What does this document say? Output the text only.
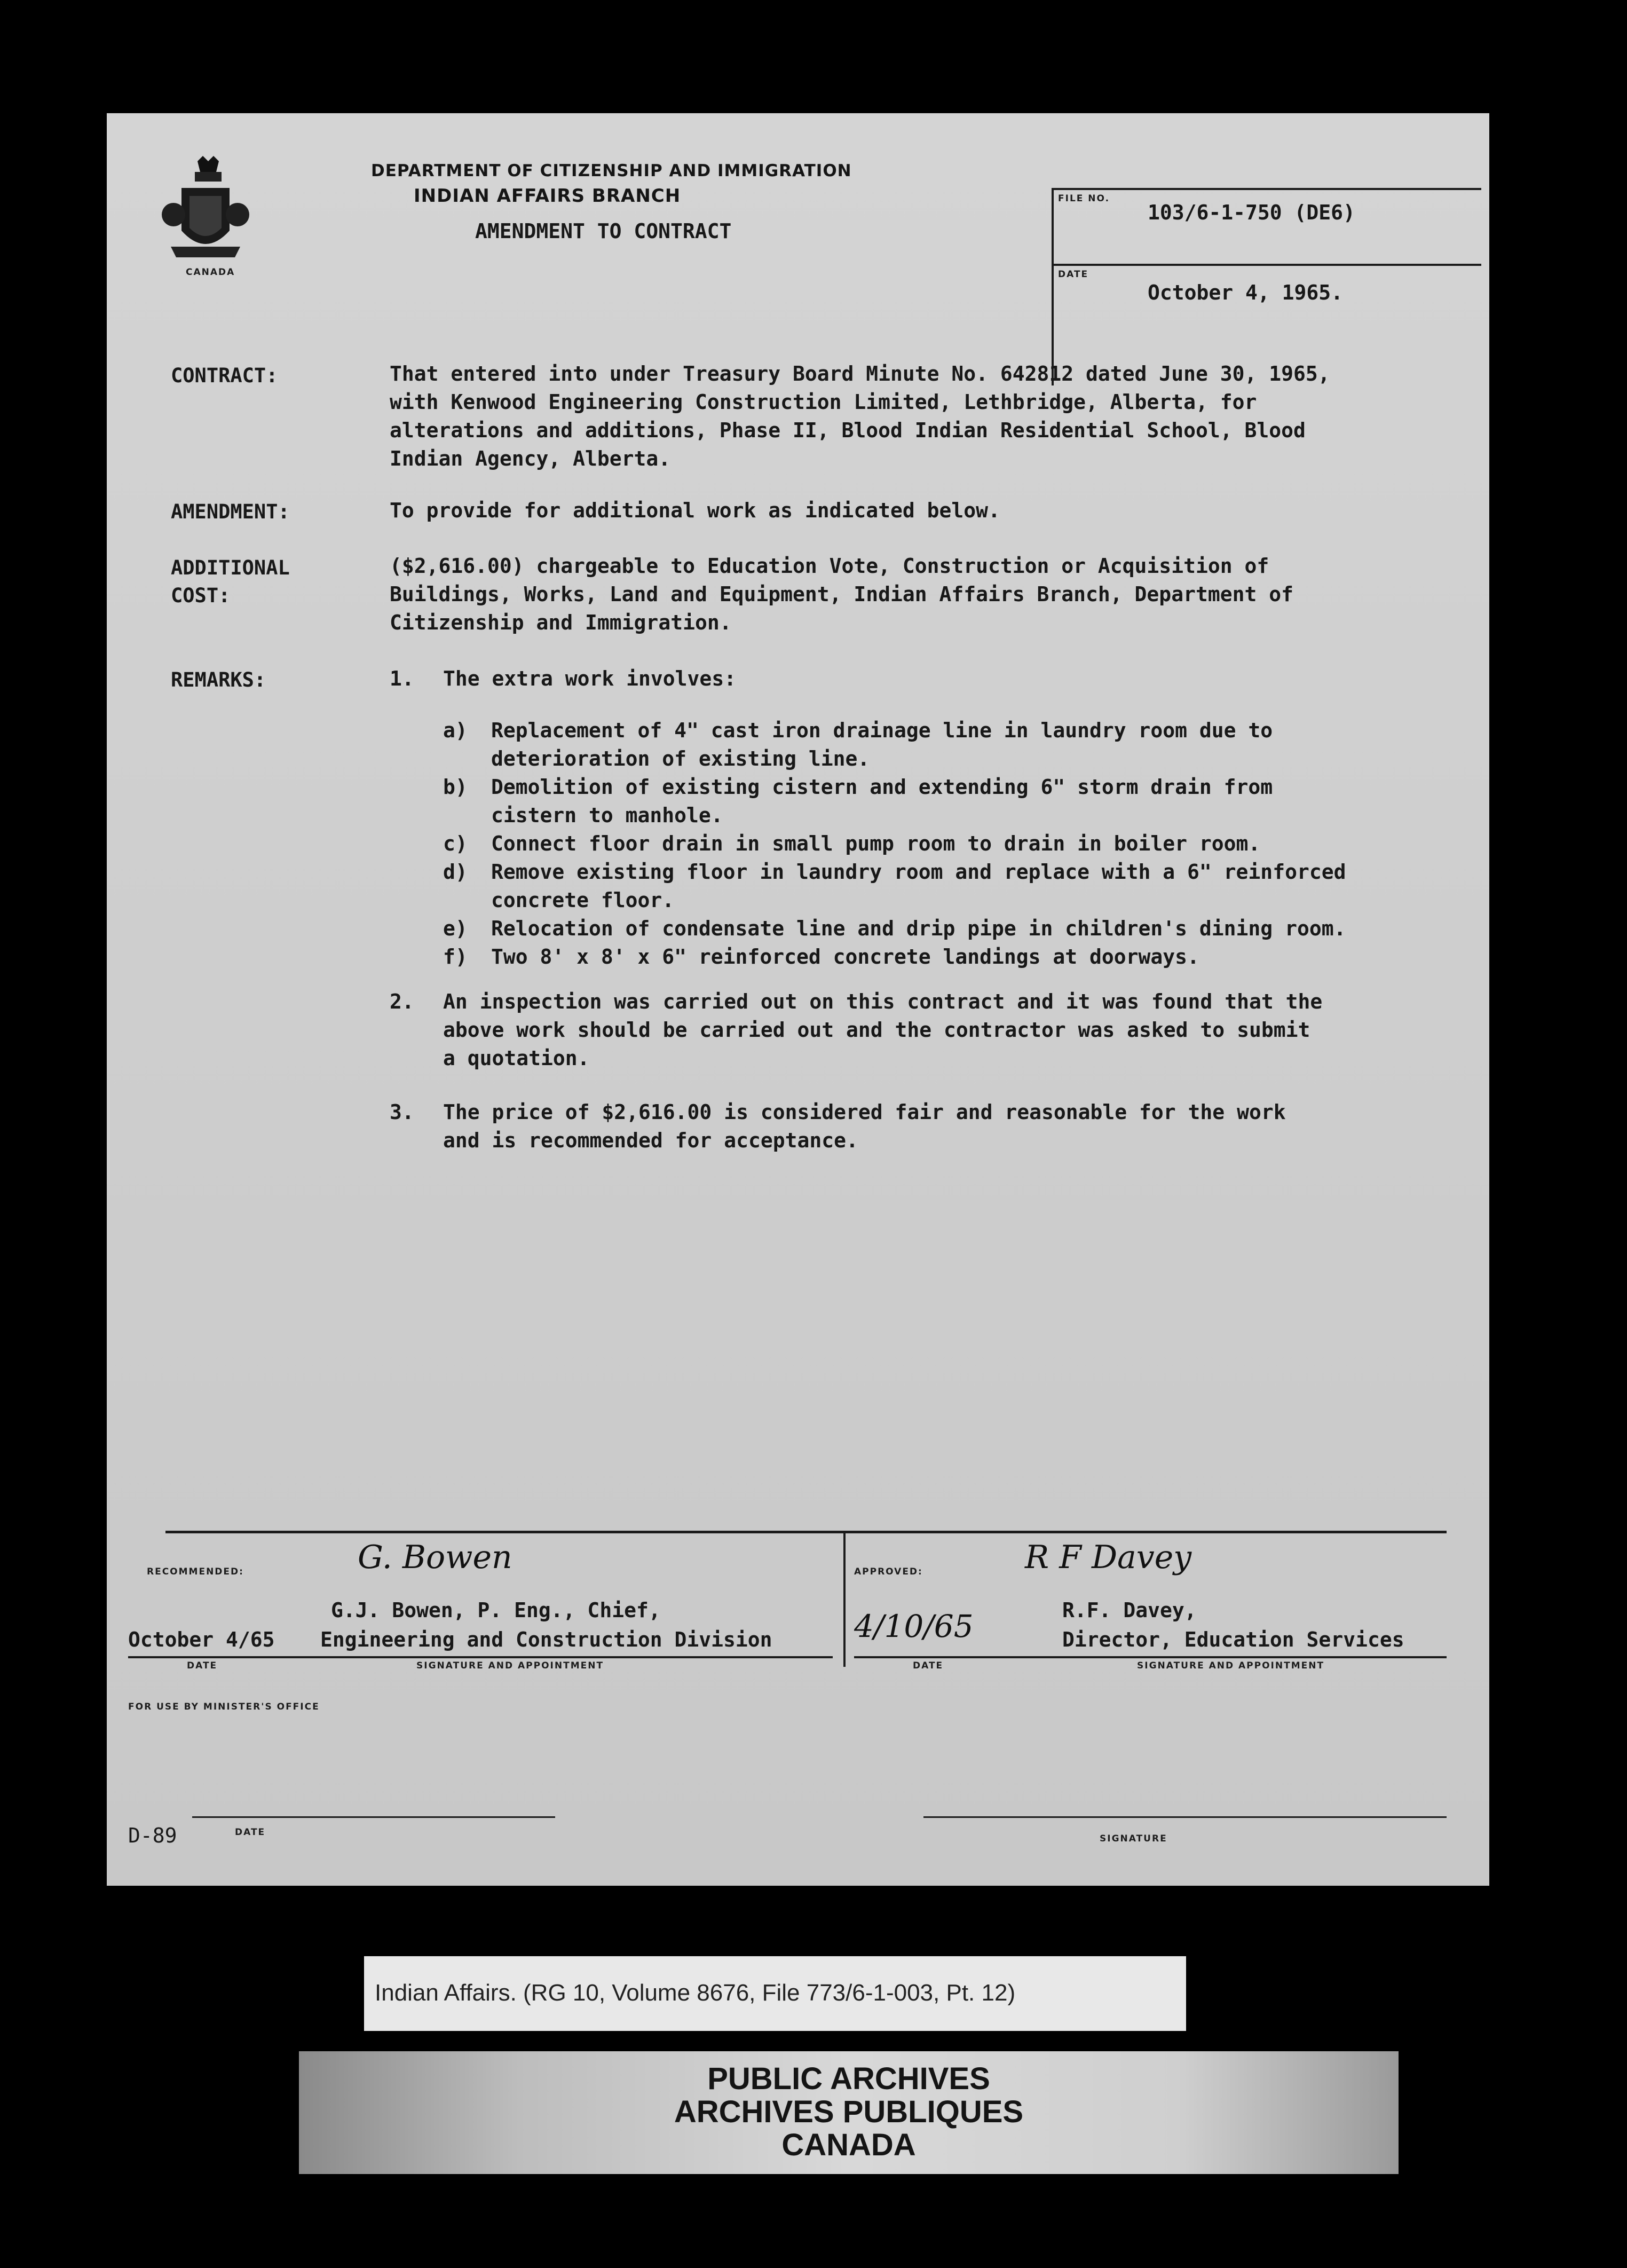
CANADA
DEPARTMENT OF CITIZENSHIP AND IMMIGRATION
INDIAN AFFAIRS BRANCH
AMENDMENT TO CONTRACT
FILE NO.
103/6-1-750 (DE6)
DATE
October 4, 1965.
CONTRACT:	That entered into under Treasury Board Minute No. 642812 dated June 30, 1965,
with Kenwood Engineering Construction Limited, Lethbridge, Alberta, for
alterations and additions, Phase II, Blood Indian Residential School, Blood
Indian Agency, Alberta.
AMENDMENT:	To provide for additional work as indicated below.
ADDITIONAL
COST:
($2,616.00) chargeable to Education Vote, Construction or Acquisition of
Buildings, Works, Land and Equipment, Indian Affairs Branch, Department of
Citizenship and Immigration.
REMARKS:	1. The extra work involves:
a)	Replacement of 4" cast iron drainage line in laundry room due to
deterioration of existing line.
b)	Demolition of existing cistern and extending 6" storm drain from
cistern to manhole.
c)	Connect floor drain in small pump room to drain in boiler room.
d)	Remove existing floor in laundry room and replace with a 6" reinforced
concrete floor.
e)	Relocation of condensate line and drip pipe in children's dining room.
f)	Two 8' x 8' x 6" reinforced concrete landings at doorways.
2. An inspection was carried out on this contract and it was found that the
above work should be carried out and the contractor was asked to submit
a quotation.
3. The price of $2,616.00 is considered fair and reasonable for the work
and is recommended for acceptance.
RECOMMENDED:	G. Bowen
G.J. Bowen, P. Eng., Chief,
October 4/65 Engineering and Construction Division
DATE	SIGNATURE AND APPOINTMENT
APPROVED:	R F Davey
4/10/65	R.F. Davey,
Director, Education Services
DATE	SIGNATURE AND APPOINTMENT
FOR USE BY MINISTER'S OFFICE
D-89	DATE
SIGNATURE
Indian Affairs. (RG 10, Volume 8676, File 773/6-1-003, Pt. 12)
PUBLIC ARCHIVES
ARCHIVES PUBLIQUES
CANADA
